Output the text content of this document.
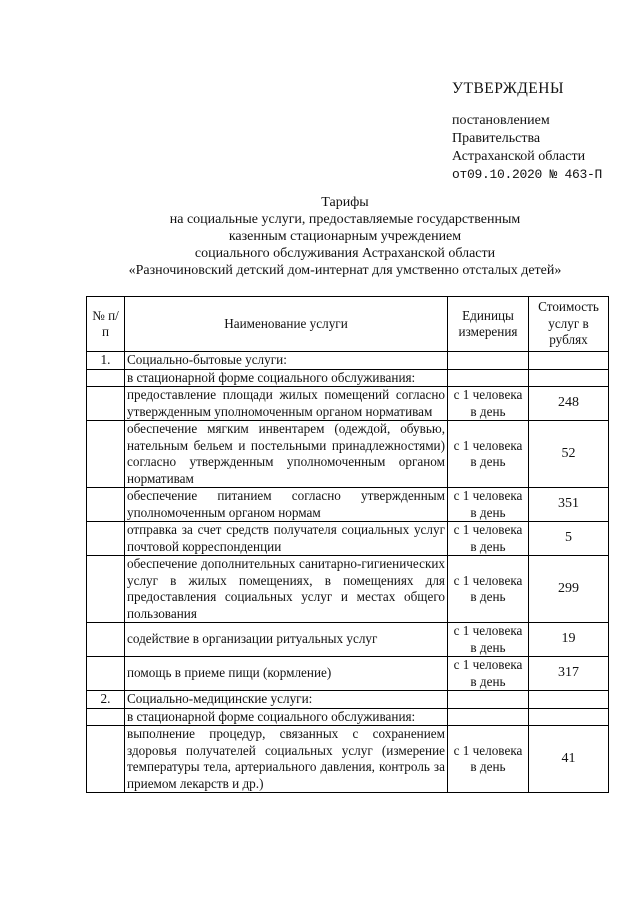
УТВЕРЖДЕНЫ
постановлением
Правительства
Астраханской области
от09.10.2020 № 463-П
Тарифы
на социальные услуги, предоставляемые государственным
казенным стационарным учреждением
социального обслуживания Астраханской области
«Разночиновский детский дом-интернат для умственно отсталых детей»
№ п/п	Наименование услуги	Единицы измерения	Стоимость услуг в рублях
1.	Социально-бытовые услуги:		
	в стационарной форме социального обслуживания:		
	предоставление площади жилых помещений согласно утвержденным уполномоченным органом нормативам	с 1 человека в день	248
	обеспечение мягким инвентарем (одеждой, обувью, нательным бельем и постельными принадлежностями) согласно утвержденным уполномоченным органом нормативам	с 1 человека в день	52
	обеспечение питанием согласно утвержденным уполномоченным органом нормам	с 1 человека в день	351
	отправка за счет средств получателя социальных услуг почтовой корреспонденции	с 1 человека в день	5
	обеспечение дополнительных санитарно-гигиенических услуг в жилых помещениях, в помещениях для предоставления социальных услуг и местах общего пользования	с 1 человека в день	299
	содействие в организации ритуальных услуг	с 1 человека в день	19
	помощь в приеме пищи (кормление)	с 1 человека в день	317
2.	Социально-медицинские услуги:		
	в стационарной форме социального обслуживания:		
	выполнение процедур, связанных с сохранением здоровья получателей социальных услуг (измерение температуры тела, артериального давления, контроль за приемом лекарств и др.)	с 1 человека в день	41
